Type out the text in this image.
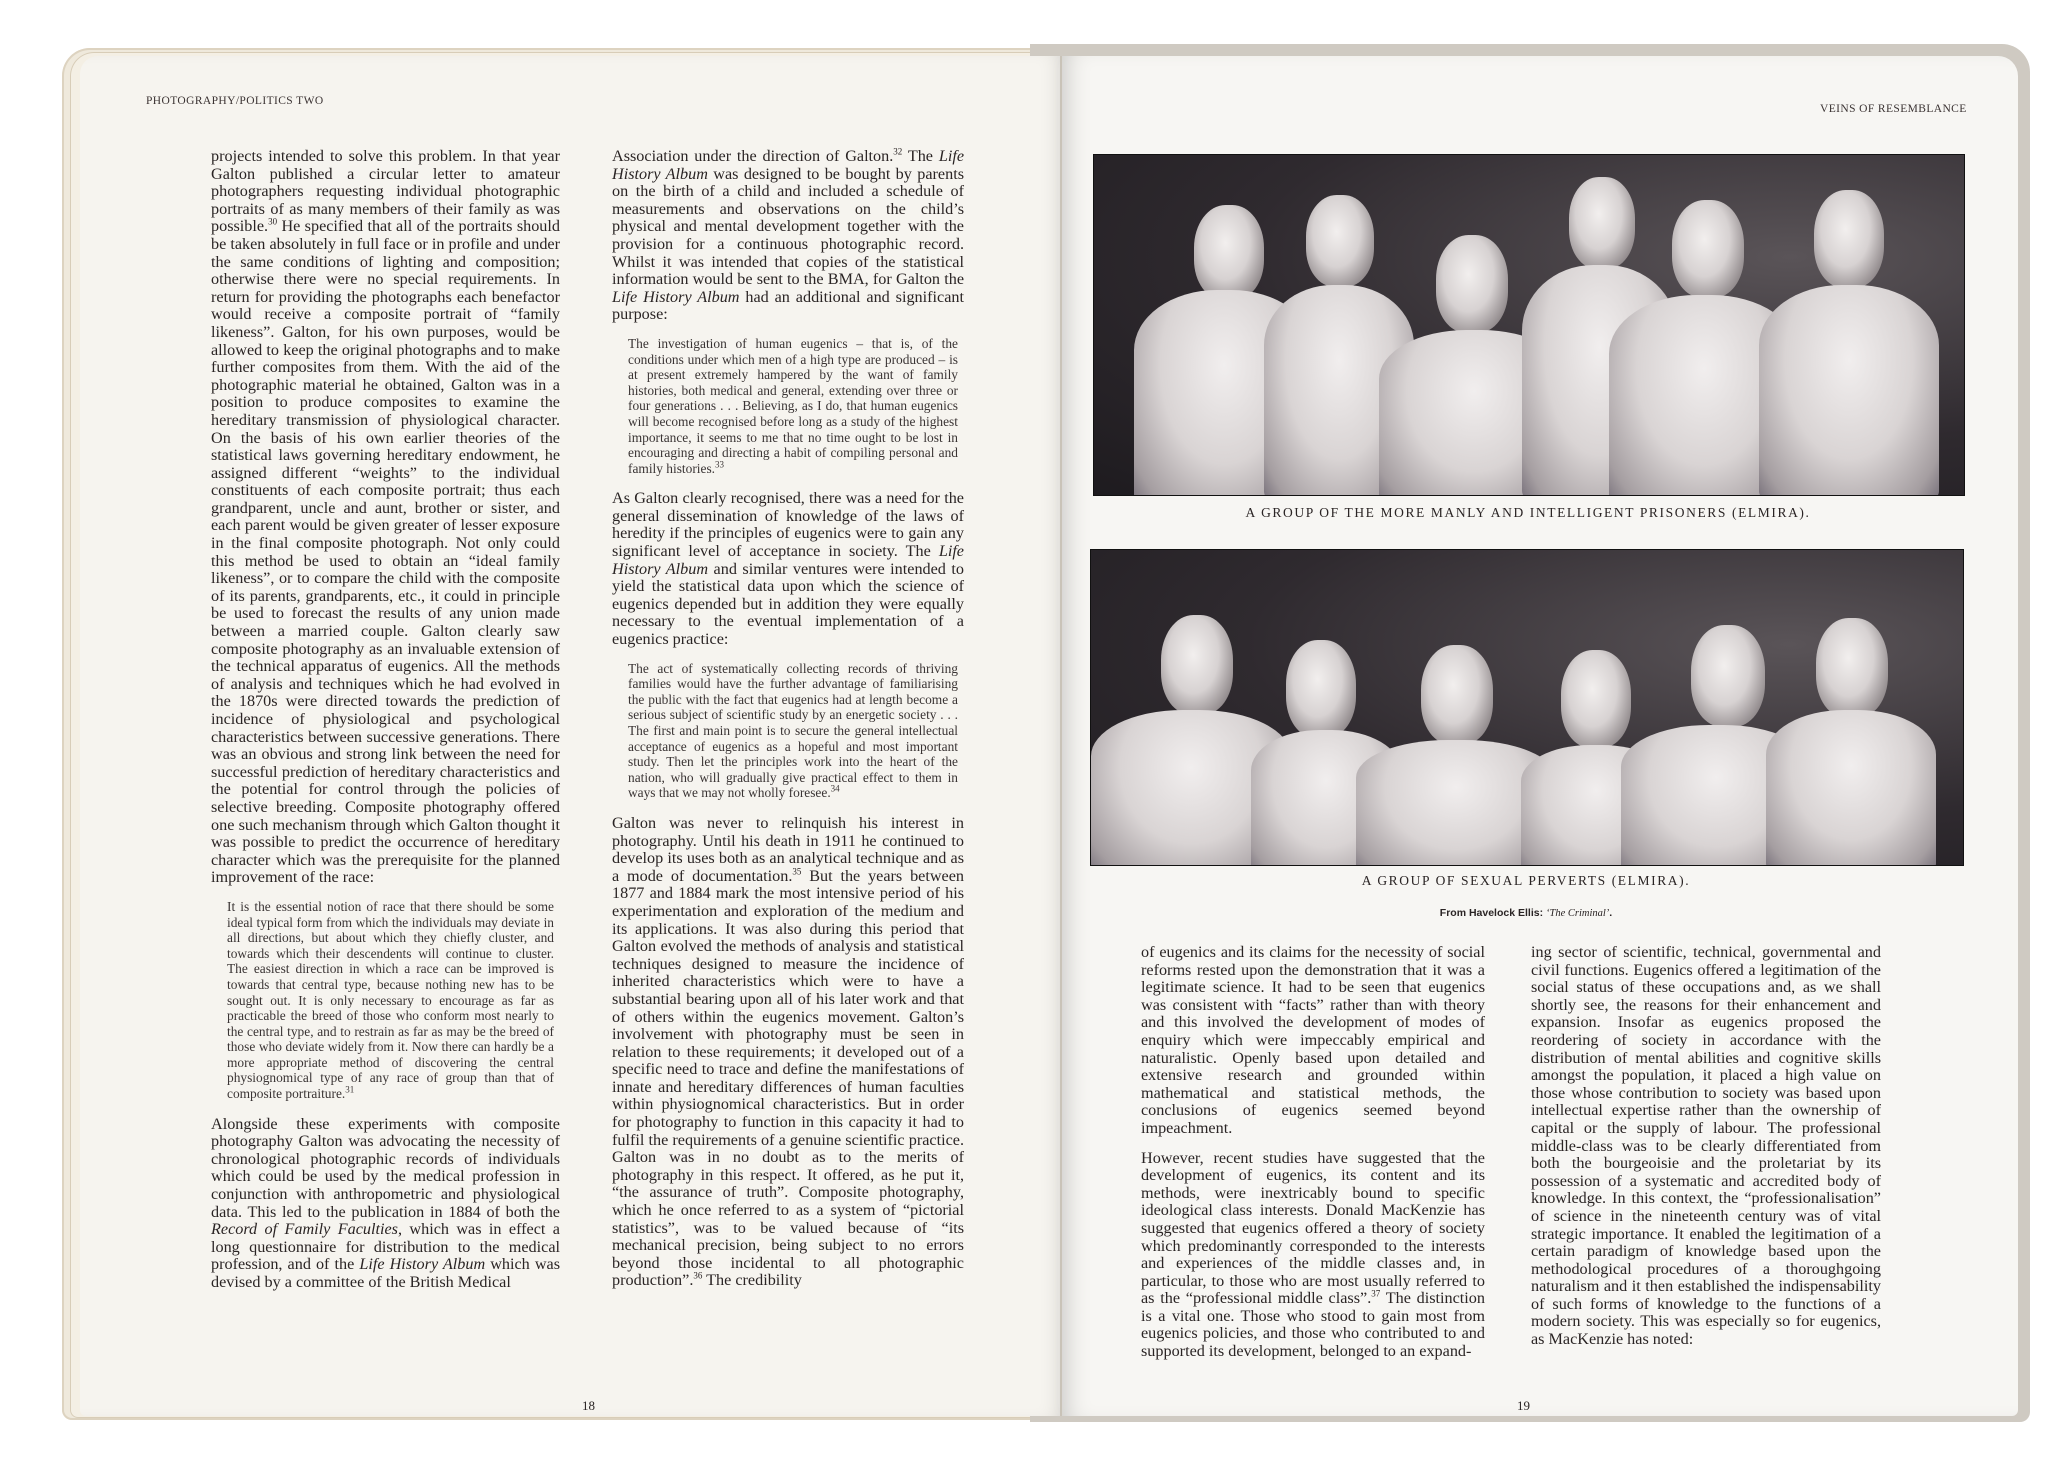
PHOTOGRAPHY/POLITICS TWO

projects intended to solve this problem. In that year Galton published a circular letter to amateur photographers requesting individual photographic portraits of as many members of their family as was possible.$^{30}$ He specified that all of the portraits should be taken absolutely in full face or in profile and under the same conditions of lighting and composition; otherwise there were no special requirements. In return for providing the photographs each benefactor would receive a composite portrait of “family likeness”. Galton, for his own purposes, would be allowed to keep the original photographs and to make further composites from them. With the aid of the photographic material he obtained, Galton was in a position to produce composites to examine the hereditary transmission of physiological character. On the basis of his own earlier theories of the statistical laws governing hereditary endowment, he assigned different “weights” to the individual constituents of each composite portrait; thus each grandparent, uncle and aunt, brother or sister, and each parent would be given greater of lesser exposure in the final composite photograph. Not only could this method be used to obtain an “ideal family likeness”, or to compare the child with the composite of its parents, grandparents, etc., it could in principle be used to forecast the results of any union made between a married couple. Galton clearly saw composite photography as an invaluable extension of the technical apparatus of eugenics. All the methods of analysis and techniques which he had evolved in the 1870s were directed towards the prediction of incidence of physiological and psychological characteristics between successive generations. There was an obvious and strong link between the need for successful prediction of hereditary characteristics and the potential for control through the policies of selective breeding. Composite photography offered one such mechanism through which Galton thought it was possible to predict the occurrence of hereditary character which was the prerequisite for the planned improvement of the race:

It is the essential notion of race that there should be some ideal typical form from which the individuals may deviate in all directions, but about which they chiefly cluster, and towards which their descendents will continue to cluster. The easiest direction in which a race can be improved is towards that central type, because nothing new has to be sought out. It is only necessary to encourage as far as practicable the breed of those who conform most nearly to the central type, and to restrain as far as may be the breed of those who deviate widely from it. Now there can hardly be a more appropriate method of discovering the central physiognomical type of any race of group than that of composite portraiture.$^{31}$

Alongside these experiments with composite photography Galton was advocating the necessity of chronological photographic records of individuals which could be used by the medical profession in conjunction with anthropometric and physiological data. This led to the publication in 1884 of both the Record of Family Faculties, which was in effect a long questionnaire for distribution to the medical profession, and of the Life History Album which was devised by a committee of the British Medical

Association under the direction of Galton.$^{32}$ The Life History Album was designed to be bought by parents on the birth of a child and included a schedule of measurements and observations on the child’s physical and mental development together with the provision for a continuous photographic record. Whilst it was intended that copies of the statistical information would be sent to the BMA, for Galton the Life History Album had an additional and significant purpose:

The investigation of human eugenics – that is, of the conditions under which men of a high type are produced – is at present extremely hampered by the want of family histories, both medical and general, extending over three or four generations . . . Believing, as I do, that human eugenics will become recognised before long as a study of the highest importance, it seems to me that no time ought to be lost in encouraging and directing a habit of compiling personal and family histories.$^{33}$

As Galton clearly recognised, there was a need for the general dissemination of knowledge of the laws of heredity if the principles of eugenics were to gain any significant level of acceptance in society. The Life History Album and similar ventures were intended to yield the statistical data upon which the science of eugenics depended but in addition they were equally necessary to the eventual implementation of a eugenics practice:

The act of systematically collecting records of thriving families would have the further advantage of familiarising the public with the fact that eugenics had at length become a serious subject of scientific study by an energetic society . . . The first and main point is to secure the general intellectual acceptance of eugenics as a hopeful and most important study. Then let the principles work into the heart of the nation, who will gradually give practical effect to them in ways that we may not wholly foresee.$^{34}$

Galton was never to relinquish his interest in photography. Until his death in 1911 he continued to develop its uses both as an analytical technique and as a mode of documentation.$^{35}$ But the years between 1877 and 1884 mark the most intensive period of his experimentation and exploration of the medium and its applications. It was also during this period that Galton evolved the methods of analysis and statistical techniques designed to measure the incidence of inherited characteristics which were to have a substantial bearing upon all of his later work and that of others within the eugenics movement. Galton’s involvement with photography must be seen in relation to these requirements; it developed out of a specific need to trace and define the manifestations of innate and hereditary differences of human faculties within physiognomical characteristics. But in order for photography to function in this capacity it had to fulfil the requirements of a genuine scientific practice. Galton was in no doubt as to the merits of photography in this respect. It offered, as he put it, “the assurance of truth”. Composite photography, which he once referred to as a system of “pictorial statistics”, was to be valued because of “its mechanical precision, being subject to no errors beyond those incidental to all photographic production”.$^{36}$ The credibility

18
VEINS OF RESEMBLANCE
A GROUP OF THE MORE MANLY AND INTELLIGENT PRISONERS (ELMIRA).
A GROUP OF SEXUAL PERVERTS (ELMIRA).
From Havelock Ellis: ‘The Criminal’.

of eugenics and its claims for the necessity of social reforms rested upon the demonstration that it was a legitimate science. It had to be seen that eugenics was consistent with “facts” rather than with theory and this involved the development of modes of enquiry which were impeccably empirical and naturalistic. Openly based upon detailed and extensive research and grounded within mathematical and statistical methods, the conclusions of eugenics seemed beyond impeachment.

However, recent studies have suggested that the development of eugenics, its content and its methods, were inextricably bound to specific ideological class interests. Donald MacKenzie has suggested that eugenics offered a theory of society which predominantly corresponded to the interests and experiences of the middle classes and, in particular, to those who are most usually referred to as the “professional middle class”.$^{37}$ The distinction is a vital one. Those who stood to gain most from eugenics policies, and those who contributed to and supported its development, belonged to an expand-

ing sector of scientific, technical, governmental and civil functions. Eugenics offered a legitimation of the social status of these occupations and, as we shall shortly see, the reasons for their enhancement and expansion. Insofar as eugenics proposed the reordering of society in accordance with the distribution of mental abilities and cognitive skills amongst the population, it placed a high value on those whose contribution to society was based upon intellectual expertise rather than the ownership of capital or the supply of labour. The professional middle-class was to be clearly differentiated from both the bourgeoisie and the proletariat by its possession of a systematic and accredited body of knowledge. In this context, the “professionalisation” of science in the nineteenth century was of vital strategic importance. It enabled the legitimation of a certain paradigm of knowledge based upon the methodological procedures of a thoroughgoing naturalism and it then established the indispensability of such forms of knowledge to the functions of a modern society. This was especially so for eugenics, as MacKenzie has noted:

19
